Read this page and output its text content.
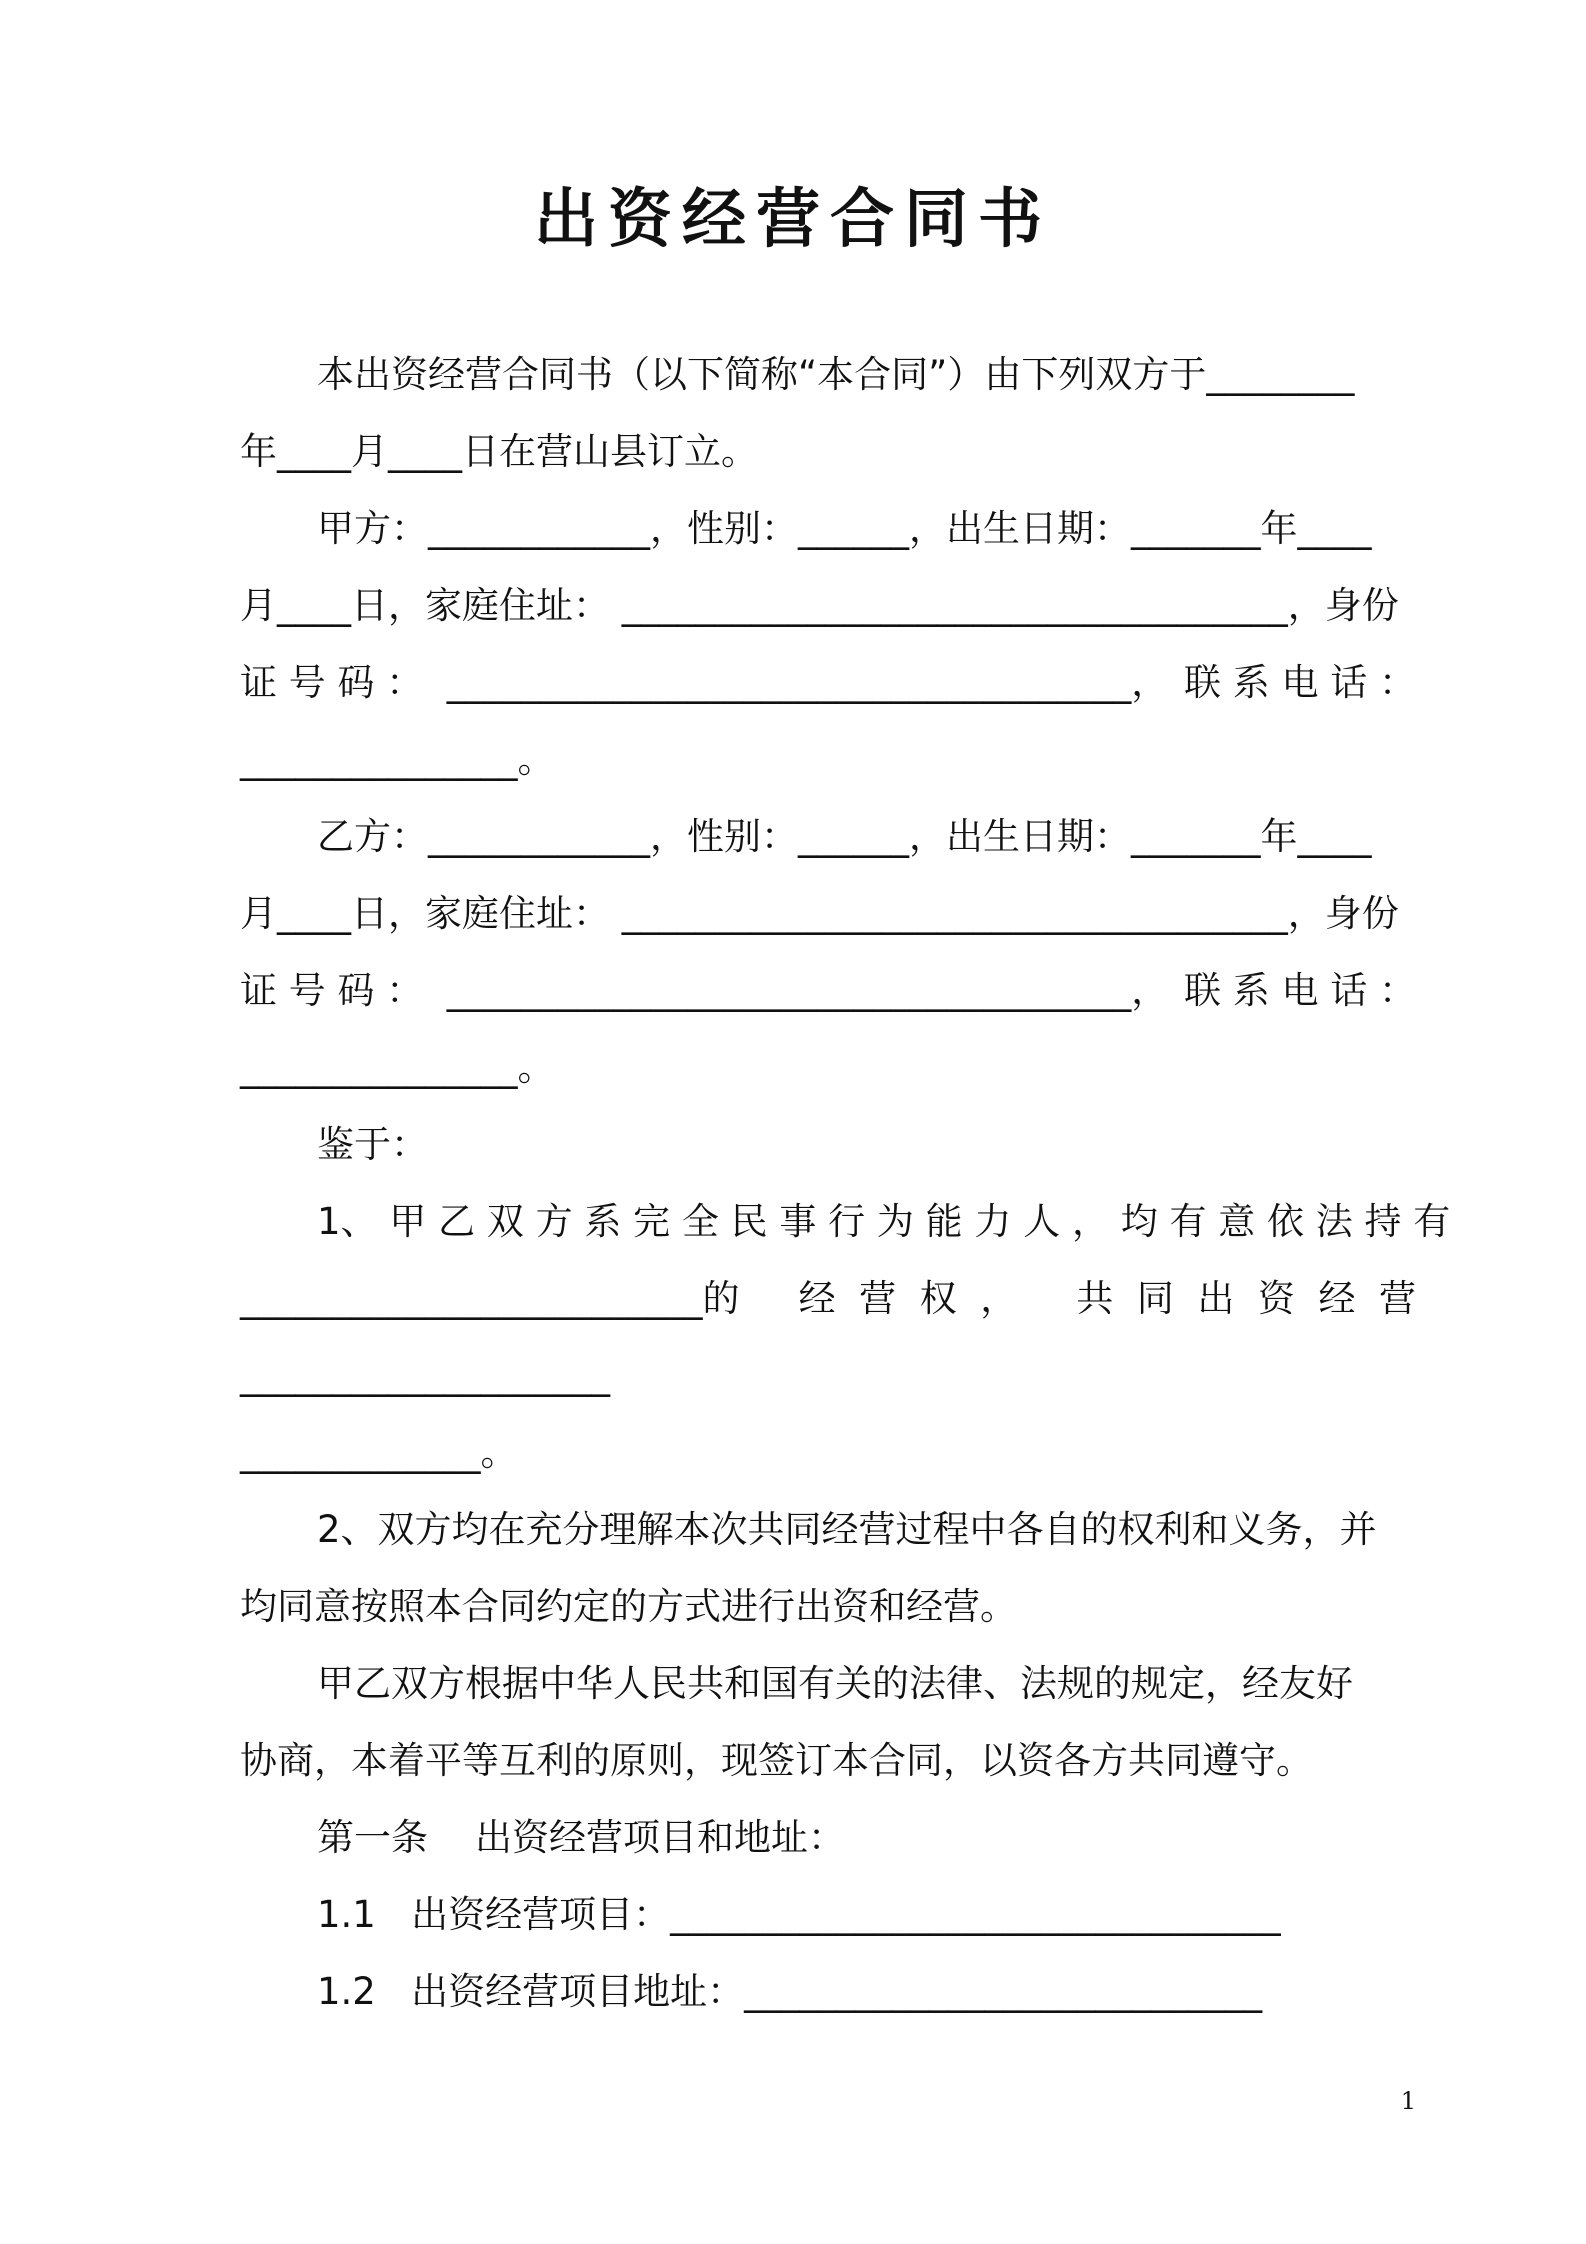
出资经营合同书
本出资经营合同书（以下简称“本合同”）由下列双方于________
年____月____日在营山县订立。
甲方：____________，性别：______，出生日期：_______年____
月____日，家庭住址： ____________________________________，身份
证 号 码 ：  _____________________________________， 联 系 电 话 ：
_______________。
乙方：____________，性别：______，出生日期：_______年____
月____日，家庭住址： ____________________________________，身份
证 号 码 ：  _____________________________________， 联 系 电 话 ：
_______________。
鉴于：
1、 甲 乙 双 方 系 完 全 民 事 行 为 能 力 人 ， 均 有 意 依 法 持 有
_________________________的 经  营  权  ， 共  同  出  资  经  营
____________________
_____________。
2、双方均在充分理解本次共同经营过程中各自的权利和义务，并
均同意按照本合同约定的方式进行出资和经营。
甲乙双方根据中华人民共和国有关的法律、法规的规定，经友好
协商，本着平等互利的原则，现签订本合同，以资各方共同遵守。
第一条    出资经营项目和地址：
1.1   出资经营项目：_________________________________
1.2   出资经营项目地址：____________________________
1
